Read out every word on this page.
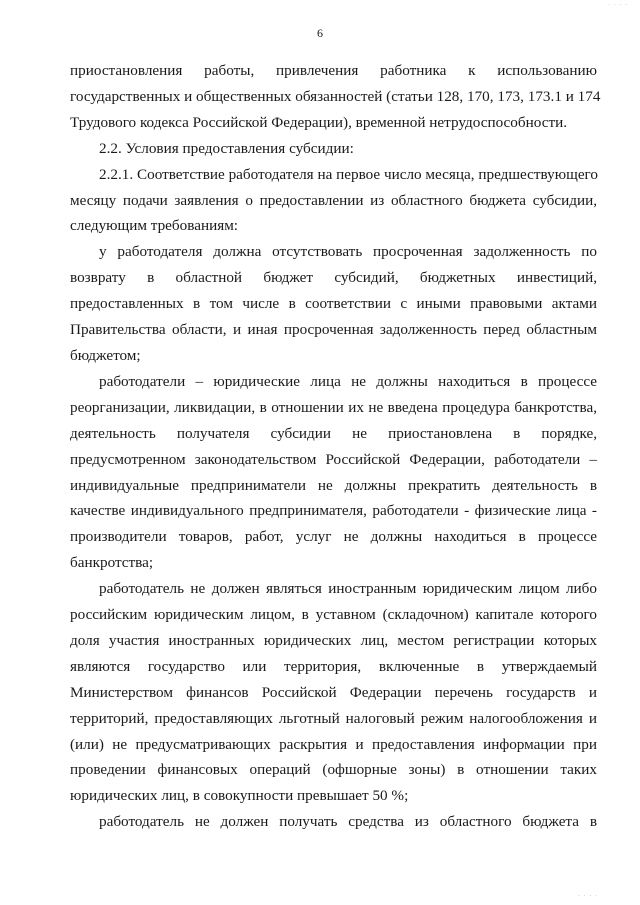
· · · ·
6

приостановления работы, привлечения работника к использованию
государственных и общественных обязанностей (статьи 128, 170, 173, 173.1 и 174
Трудового кодекса Российской Федерации), временной нетрудоспособности.

2.2. Условия предоставления субсидии:

2.2.1. Соответствие работодателя на первое число месяца, предшествующего
месяцу подачи заявления о предоставлении из областного бюджета субсидии,
следующим требованиям:

у работодателя должна отсутствовать просроченная задолженность по
возврату в областной бюджет субсидий, бюджетных инвестиций,
предоставленных в том числе в соответствии с иными правовыми актами
Правительства области, и иная просроченная задолженность перед областным
бюджетом;

работодатели – юридические лица не должны находиться в процессе
реорганизации, ликвидации, в отношении их не введена процедура банкротства,
деятельность получателя субсидии не приостановлена в порядке,
предусмотренном законодательством Российской Федерации, работодатели –
индивидуальные предприниматели не должны прекратить деятельность в
качестве индивидуального предпринимателя, работодатели - физические лица -
производители товаров, работ, услуг не должны находиться в процессе
банкротства;

работодатель не должен являться иностранным юридическим лицом либо
российским юридическим лицом, в уставном (складочном) капитале которого
доля участия иностранных юридических лиц, местом регистрации которых
являются государство или территория, включенные в утверждаемый
Министерством финансов Российской Федерации перечень государств и
территорий, предоставляющих льготный налоговый режим налогообложения и
(или) не предусматривающих раскрытия и предоставления информации при
проведении финансовых операций (офшорные зоны) в отношении таких
юридических лиц, в совокупности превышает 50 %;

работодатель не должен получать средства из областного бюджета в

· · · ·
